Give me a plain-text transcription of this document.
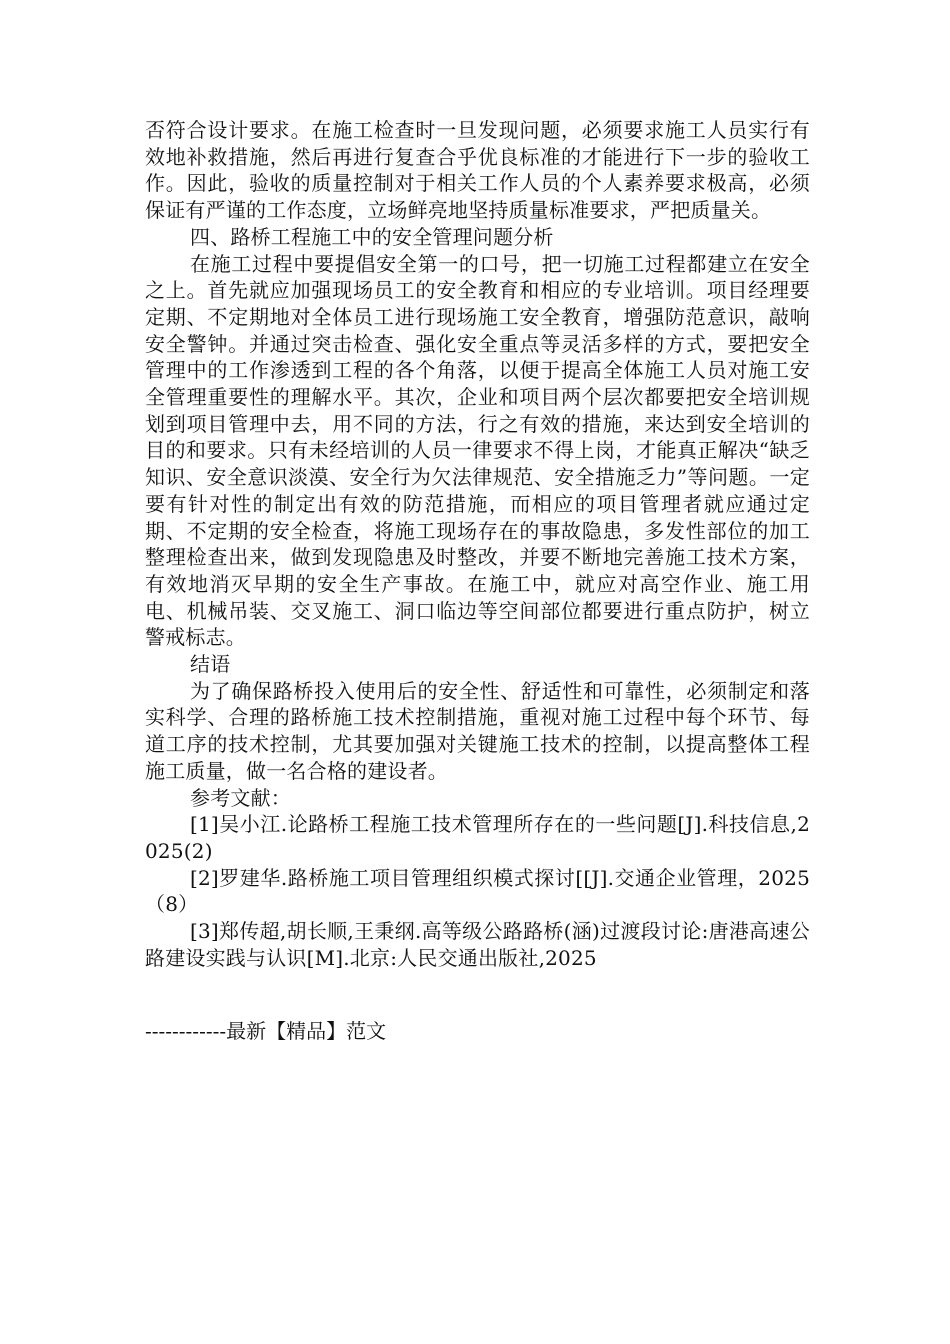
否符合设计要求。在施工检查时一旦发现问题，必须要求施工人员实行有效地补救措施，然后再进行复查合乎优良标准的才能进行下一步的验收工作。因此，验收的质量控制对于相关工作人员的个人素养要求极高，必须保证有严谨的工作态度，立场鲜亮地坚持质量标准要求，严把质量关。

四、路桥工程施工中的安全管理问题分析

在施工过程中要提倡安全第一的口号，把一切施工过程都建立在安全之上。首先就应加强现场员工的安全教育和相应的专业培训。项目经理要定期、不定期地对全体员工进行现场施工安全教育，增强防范意识，敲响安全警钟。并通过突击检查、强化安全重点等灵活多样的方式，要把安全管理中的工作渗透到工程的各个角落，以便于提高全体施工人员对施工安全管理重要性的理解水平。其次，企业和项目两个层次都要把安全培训规划到项目管理中去，用不同的方法，行之有效的措施，来达到安全培训的目的和要求。只有未经培训的人员一律要求不得上岗，才能真正解决“缺乏知识、安全意识淡漠、安全行为欠法律规范、安全措施乏力”等问题。一定要有针对性的制定出有效的防范措施，而相应的项目管理者就应通过定期、不定期的安全检查，将施工现场存在的事故隐患，多发性部位的加工整理检查出来，做到发现隐患及时整改，并要不断地完善施工技术方案，有效地消灭早期的安全生产事故。在施工中，就应对高空作业、施工用电、机械吊装、交叉施工、洞口临边等空间部位都要进行重点防护，树立警戒标志。

结语

为了确保路桥投入使用后的安全性、舒适性和可靠性，必须制定和落实科学、合理的路桥施工技术控制措施，重视对施工过程中每个环节、每道工序的技术控制，尤其要加强对关键施工技术的控制，以提高整体工程施工质量，做一名合格的建设者。

参考文献：

[1]吴小江.论路桥工程施工技术管理所存在的一些问题[J].科技信息,2025(2)

[2]罗建华.路桥施工项目管理组织模式探讨[[J].交通企业管理，2025（8）

[3]郑传超,胡长顺,王秉纲.高等级公路路桥(涵)过渡段讨论:唐港高速公路建设实践与认识[M].北京:人民交通出版社,2025

------------最新【精品】范文
